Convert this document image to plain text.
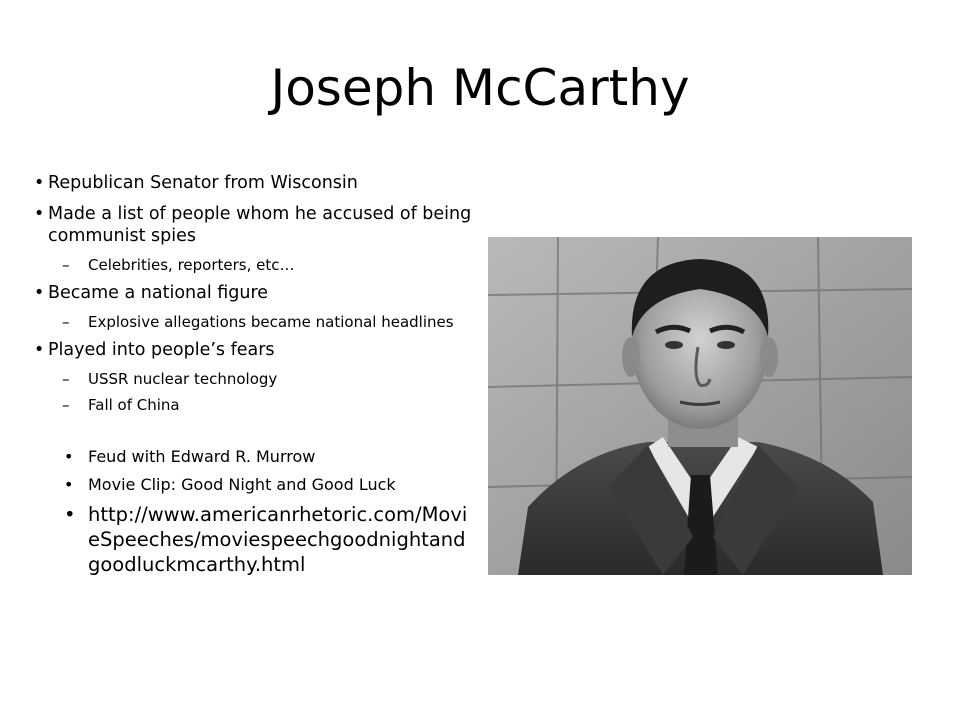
Joseph McCarthy
• Republican Senator from Wisconsin
• Made a list of people whom he accused of being communist spies
– Celebrities, reporters, etc…
• Became a national figure
– Explosive allegations became national headlines
• Played into people’s fears
– USSR nuclear technology
– Fall of China
• Feud with Edward R. Murrow
• Movie Clip: Good Night and Good Luck
• http://www.americanrhetoric.com/MovieSpeeches/moviespeechgoodnightandgoodluckmcarthy.html
